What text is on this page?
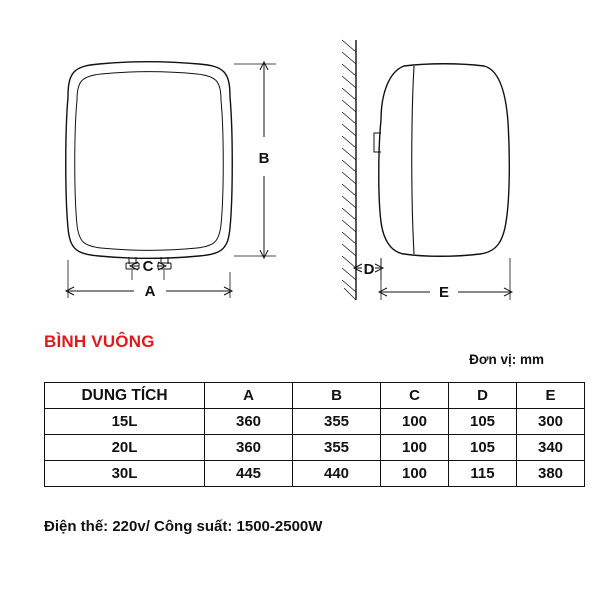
B
A
C	D
E
BÌNH VUÔNG
Đơn vị: mm
DUNG TÍCH	A	B	C	D	E
15L	360	355	100	105	300
20L	360	355	100	105	340
30L	445	440	100	115	380
Điện thế: 220v/ Công suất: 1500-2500W
